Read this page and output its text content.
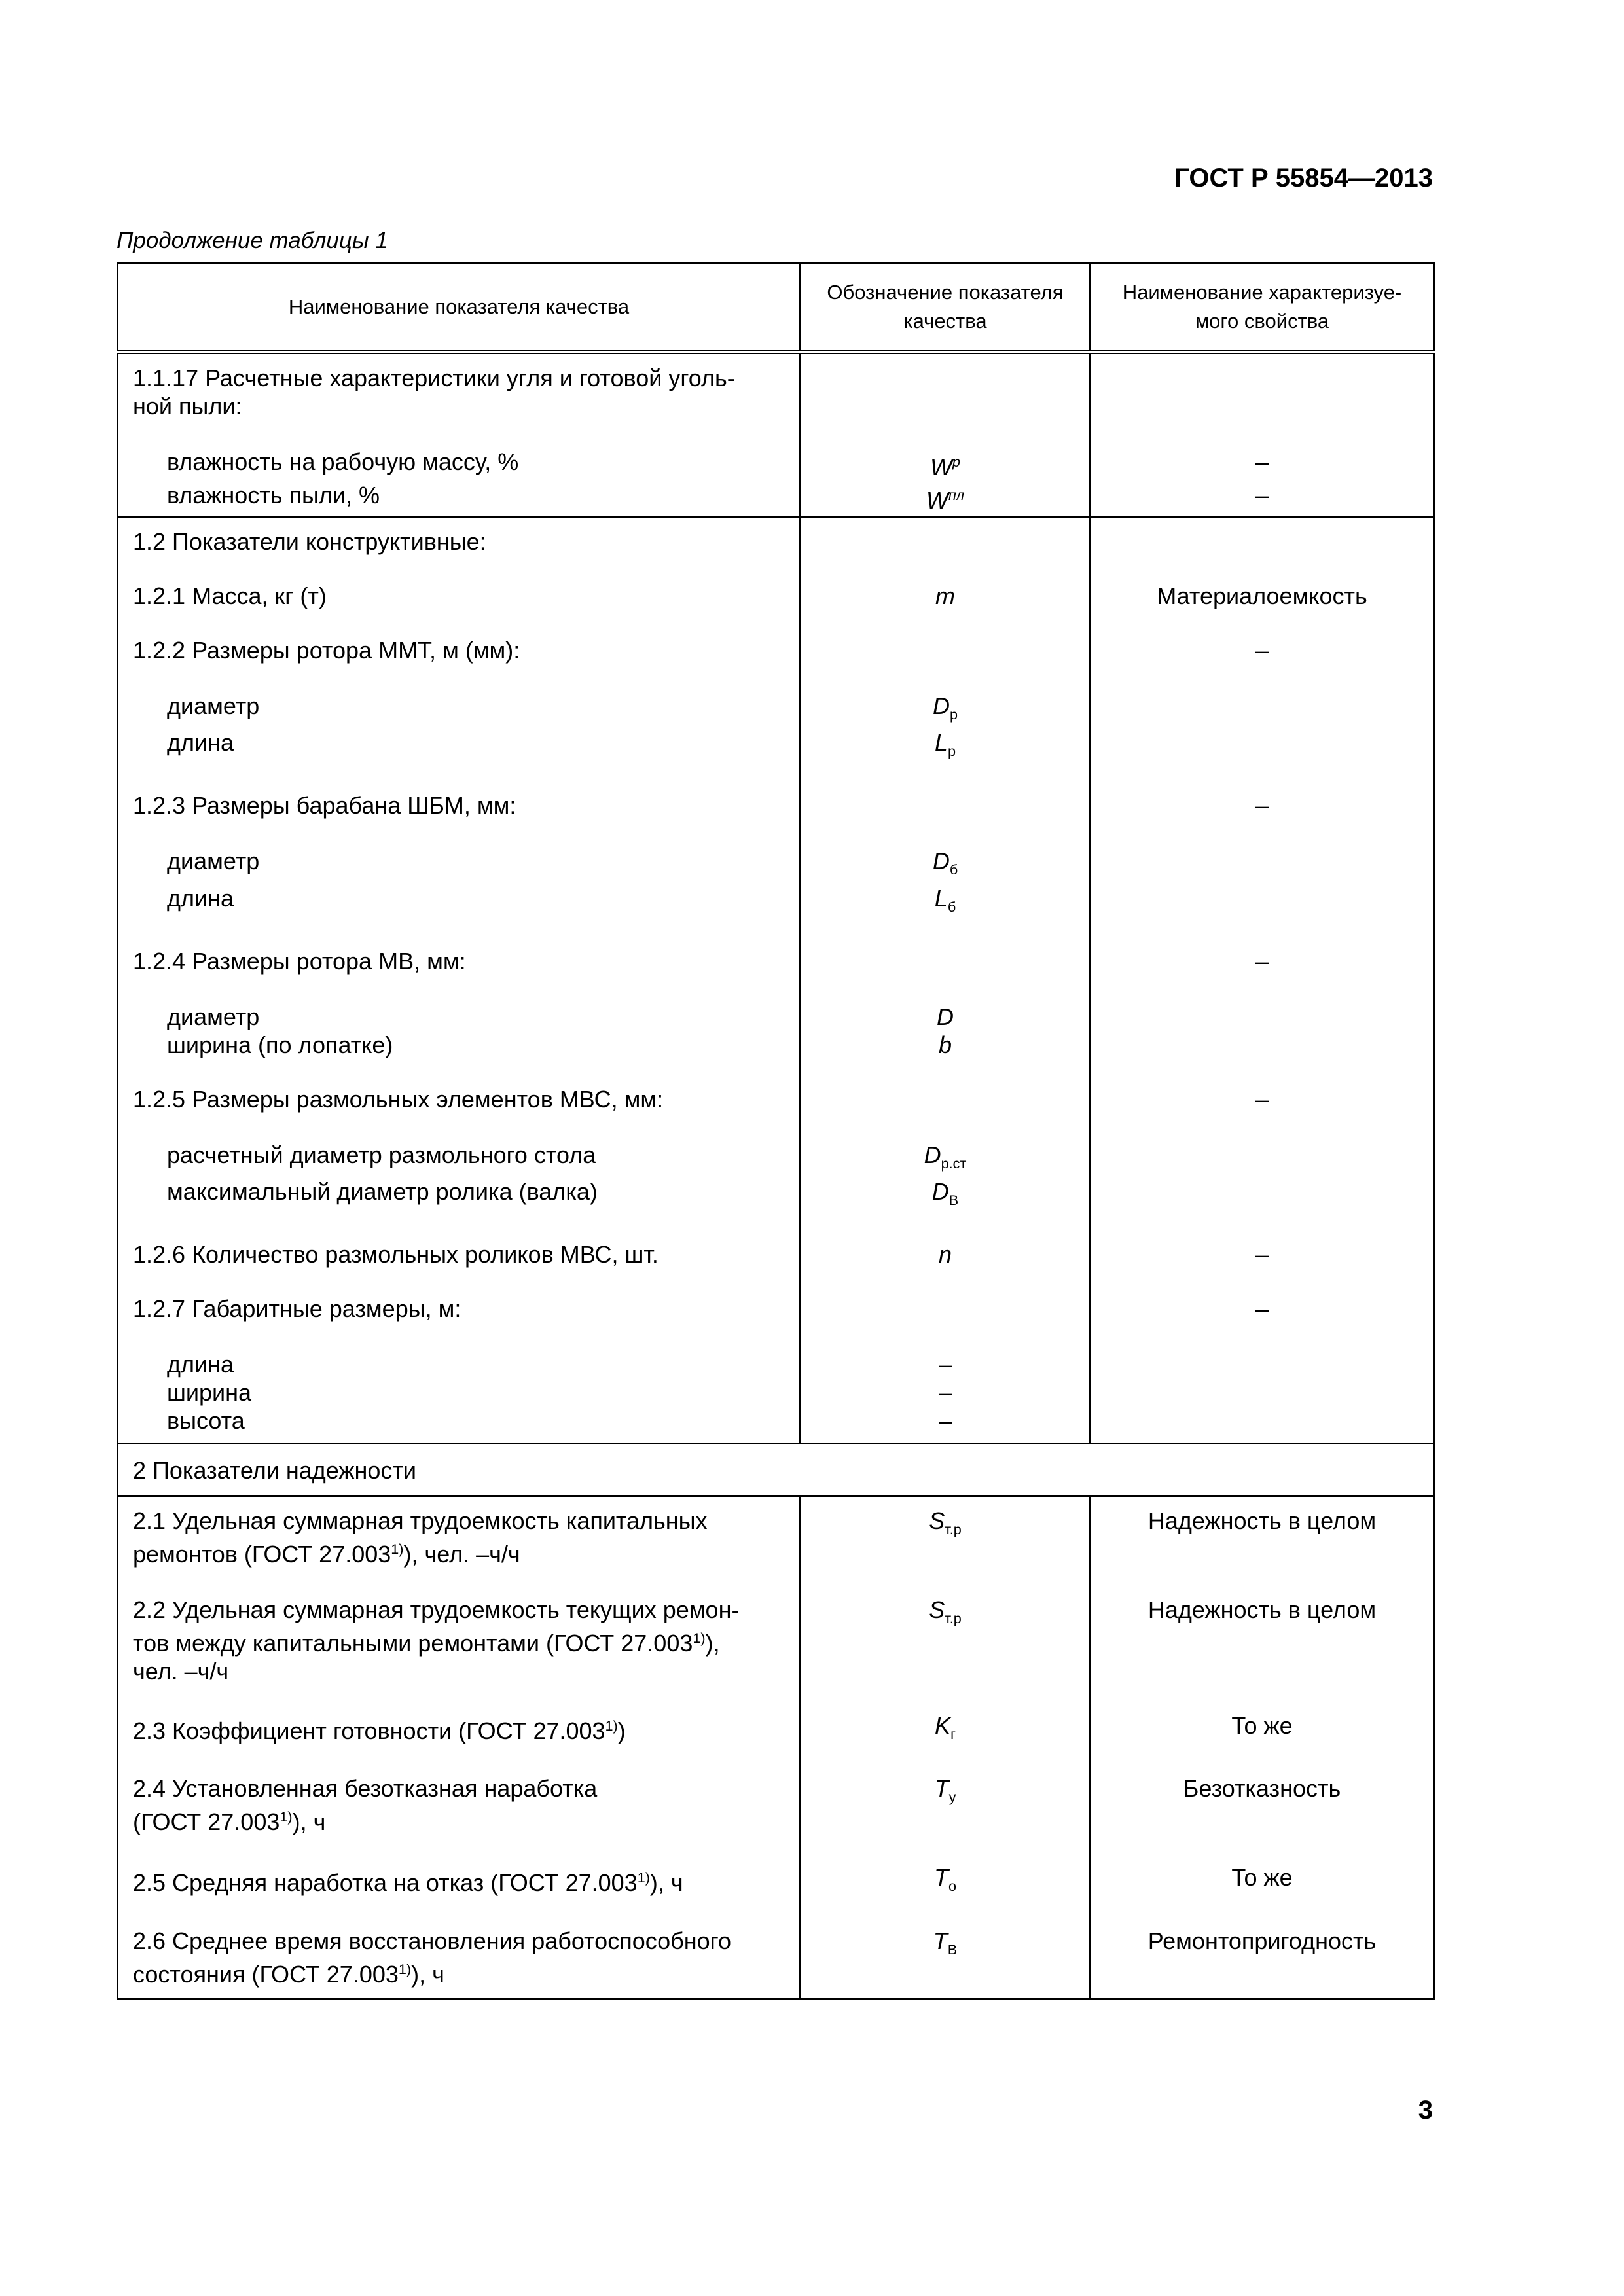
ГОСТ Р 55854—2013
Продолжение таблицы 1
Наименование показателя качества	Обозначение показателя качества	Наименование характеризуе-мого свойства

1.1.17 Расчетные характеристики угля и готовой уголь-ной пыли:		

влажность на рабочую массу, %	$W^р$	–

влажность пыли, %	$W^{пл}$	–

1.2 Показатели конструктивные:		

1.2.1 Масса, кг (т)	m	Материалоемкость

1.2.2 Размеры ротора ММТ, м (мм):		–

диаметр	$D_р$	

длина	$L_р$	

1.2.3 Размеры барабана ШБМ, мм:		–

диаметр	$D_б$	

длина	$L_б$	

1.2.4 Размеры ротора МВ, мм:		–

диаметр	D	

ширина (по лопатке)	b	

1.2.5 Размеры размольных элементов МВС, мм:		–

расчетный диаметр размольного стола	$D_{р.ст}$	

максимальный диаметр ролика (валка)	$D_В$	

1.2.6 Количество размольных роликов МВС, шт.	n	–

1.2.7 Габаритные размеры, м:		–

длина	–	

ширина	–	

высота	–	

2 Показатели надежности		

2.1 Удельная суммарная трудоемкость капитальных
ремонтов (ГОСТ 27.003$^{1)}$), чел. –ч/ч	$S_{т.р}$	Надежность в целом

2.2 Удельная суммарная трудоемкость текущих ремон-
тов между капитальными ремонтами (ГОСТ 27.003$^{1)}$),
чел. –ч/ч	$S_{т.р}$	Надежность в целом

2.3 Коэффициент готовности (ГОСТ 27.003$^{1)}$)	$K_г$	То же

2.4 Установленная безотказная наработка
(ГОСТ 27.003$^{1)}$), ч	$T_у$	Безотказность

2.5 Средняя наработка на отказ (ГОСТ 27.003$^{1)}$), ч	$T_о$	То же

2.6 Среднее время восстановления работоспособного
состояния (ГОСТ 27.003$^{1)}$), ч	$T_В$	Ремонтопригодность
3
